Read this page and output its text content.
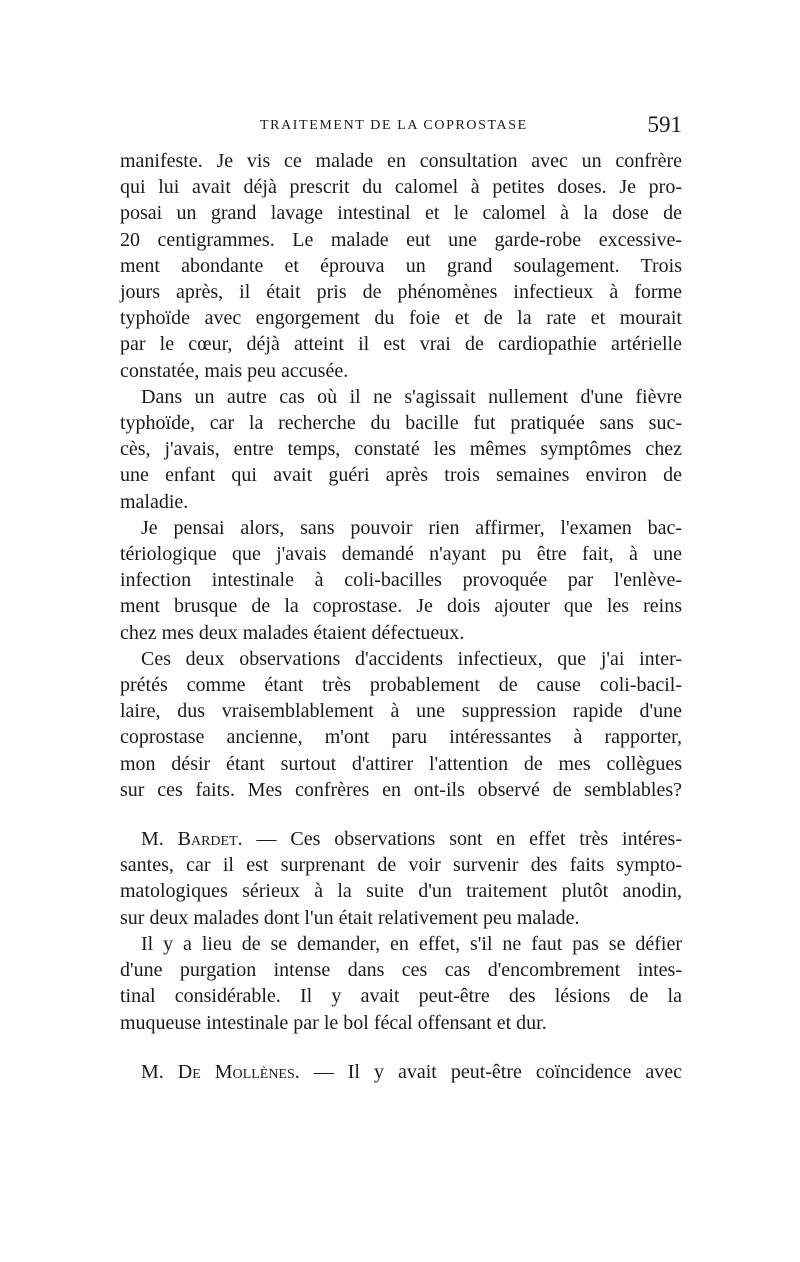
TRAITEMENT DE LA COPROSTASE	591

manifeste. Je vis ce malade en consultation avec un confrère
qui lui avait déjà prescrit du calomel à petites doses. Je pro-
posai un grand lavage intestinal et le calomel à la dose de
20 centigrammes. Le malade eut une garde-robe excessive-
ment abondante et éprouva un grand soulagement. Trois
jours après, il était pris de phénomènes infectieux à forme
typhoïde avec engorgement du foie et de la rate et mourait
par le cœur, déjà atteint il est vrai de cardiopathie artérielle
constatée, mais peu accusée.

Dans un autre cas où il ne s'agissait nullement d'une fièvre
typhoïde, car la recherche du bacille fut pratiquée sans suc-
cès, j'avais, entre temps, constaté les mêmes symptômes chez
une enfant qui avait guéri après trois semaines environ de
maladie.

Je pensai alors, sans pouvoir rien affirmer, l'examen bac-
tériologique que j'avais demandé n'ayant pu être fait, à une
infection intestinale à coli-bacilles provoquée par l'enlève-
ment brusque de la coprostase. Je dois ajouter que les reins
chez mes deux malades étaient défectueux.

Ces deux observations d'accidents infectieux, que j'ai inter-
prétés comme étant très probablement de cause coli-bacil-
laire, dus vraisemblablement à une suppression rapide d'une
coprostase ancienne, m'ont paru intéressantes à rapporter,
mon désir étant surtout d'attirer l'attention de mes collègues
sur ces faits. Mes confrères en ont-ils observé de semblables?

M. Bardet. — Ces observations sont en effet très intéres-
santes, car il est surprenant de voir survenir des faits sympto-
matologiques sérieux à la suite d'un traitement plutôt anodin,
sur deux malades dont l'un était relativement peu malade.

Il y a lieu de se demander, en effet, s'il ne faut pas se défier
d'une purgation intense dans ces cas d'encombrement intes-
tinal considérable. Il y avait peut-être des lésions de la
muqueuse intestinale par le bol fécal offensant et dur.

M. De Mollènes. — Il y avait peut-être coïncidence avec
